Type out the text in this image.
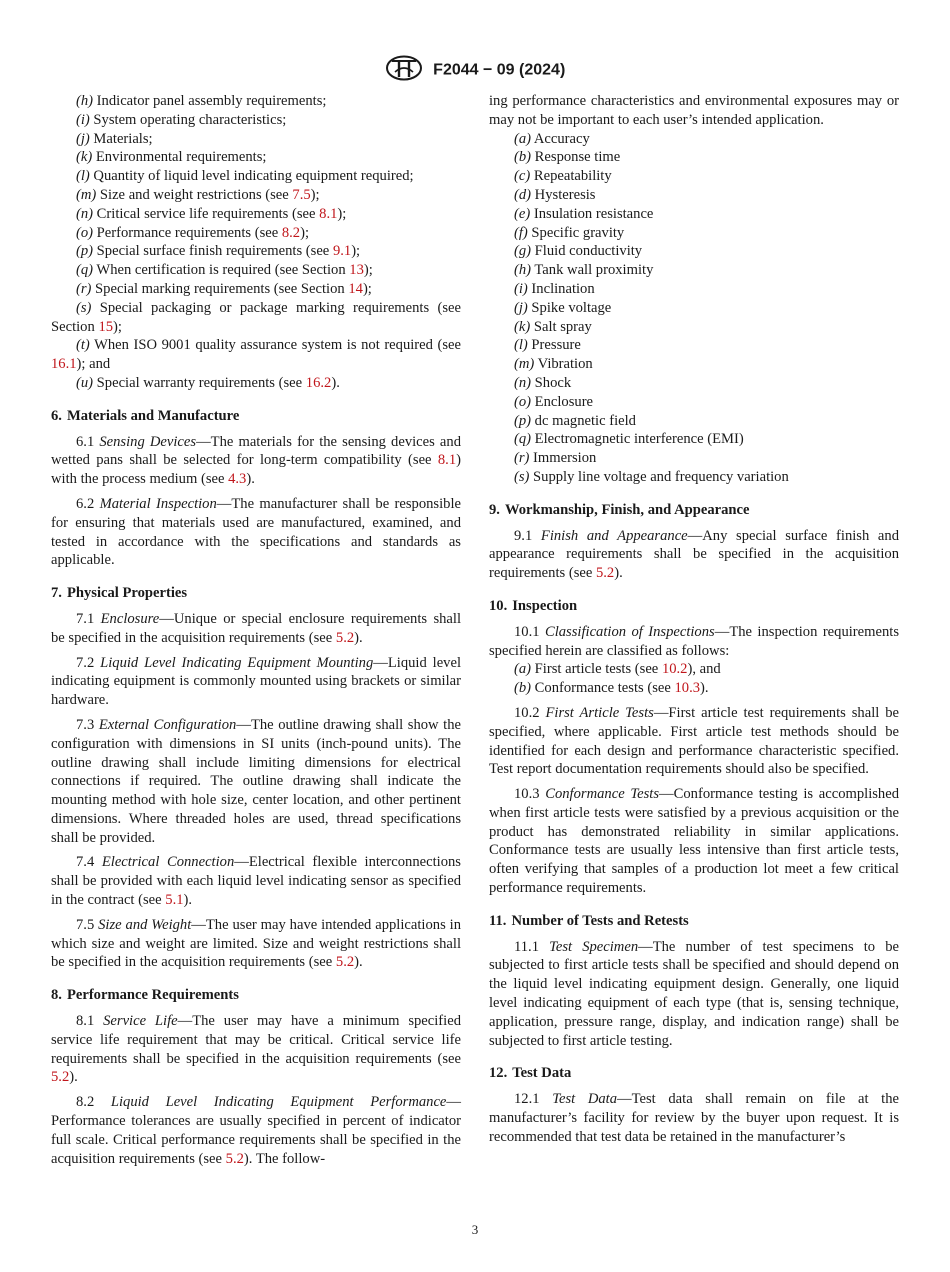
F2044 − 09 (2024)

(h) Indicator panel assembly requirements;

(i) System operating characteristics;

(j) Materials;

(k) Environmental requirements;

(l) Quantity of liquid level indicating equipment required;

(m) Size and weight restrictions (see 7.5);

(n) Critical service life requirements (see 8.1);

(o) Performance requirements (see 8.2);

(p) Special surface finish requirements (see 9.1);

(q) When certification is required (see Section 13);

(r) Special marking requirements (see Section 14);

(s) Special packaging or package marking requirements (see Section 15);

(t) When ISO 9001 quality assurance system is not required (see 16.1); and

(u) Special warranty requirements (see 16.2).

6. Materials and Manufacture

6.1 Sensing Devices—The materials for the sensing devices and wetted pans shall be selected for long-term compatibility (see 8.1) with the process medium (see 4.3).

6.2 Material Inspection—The manufacturer shall be responsible for ensuring that materials used are manufactured, examined, and tested in accordance with the specifications and standards as applicable.

7. Physical Properties

7.1 Enclosure—Unique or special enclosure requirements shall be specified in the acquisition requirements (see 5.2).

7.2 Liquid Level Indicating Equipment Mounting—Liquid level indicating equipment is commonly mounted using brackets or similar hardware.

7.3 External Configuration—The outline drawing shall show the configuration with dimensions in SI units (inch-pound units). The outline drawing shall include limiting dimensions for electrical connections if required. The outline drawing shall indicate the mounting method with hole size, center location, and other pertinent dimensions. Where threaded holes are used, thread specifications shall be provided.

7.4 Electrical Connection—Electrical flexible interconnections shall be provided with each liquid level indicating sensor as specified in the contract (see 5.1).

7.5 Size and Weight—The user may have intended applications in which size and weight are limited. Size and weight restrictions shall be specified in the acquisition requirements (see 5.2).

8. Performance Requirements

8.1 Service Life—The user may have a minimum specified service life requirement that may be critical. Critical service life requirements shall be specified in the acquisition requirements (see 5.2).

8.2 Liquid Level Indicating Equipment Performance—Performance tolerances are usually specified in percent of indicator full scale. Critical performance requirements shall be specified in the acquisition requirements (see 5.2). The follow-

ing performance characteristics and environmental exposures may or may not be important to each user’s intended application.

(a) Accuracy

(b) Response time

(c) Repeatability

(d) Hysteresis

(e) Insulation resistance

(f) Specific gravity

(g) Fluid conductivity

(h) Tank wall proximity

(i) Inclination

(j) Spike voltage

(k) Salt spray

(l) Pressure

(m) Vibration

(n) Shock

(o) Enclosure

(p) dc magnetic field

(q) Electromagnetic interference (EMI)

(r) Immersion

(s) Supply line voltage and frequency variation

9. Workmanship, Finish, and Appearance

9.1 Finish and Appearance—Any special surface finish and appearance requirements shall be specified in the acquisition requirements (see 5.2).

10. Inspection

10.1 Classification of Inspections—The inspection requirements specified herein are classified as follows:

(a) First article tests (see 10.2), and

(b) Conformance tests (see 10.3).

10.2 First Article Tests—First article test requirements shall be specified, where applicable. First article test methods should be identified for each design and performance characteristic specified. Test report documentation requirements should also be specified.

10.3 Conformance Tests—Conformance testing is accomplished when first article tests were satisfied by a previous acquisition or the product has demonstrated reliability in similar applications. Conformance tests are usually less intensive than first article tests, often verifying that samples of a production lot meet a few critical performance requirements.

11. Number of Tests and Retests

11.1 Test Specimen—The number of test specimens to be subjected to first article tests shall be specified and should depend on the liquid level indicating equipment design. Generally, one liquid level indicating equipment of each type (that is, sensing technique, application, pressure range, display, and indication range) shall be subjected to first article testing.

12. Test Data

12.1 Test Data—Test data shall remain on file at the manufacturer’s facility for review by the buyer upon request. It is recommended that test data be retained in the manufacturer’s

3
